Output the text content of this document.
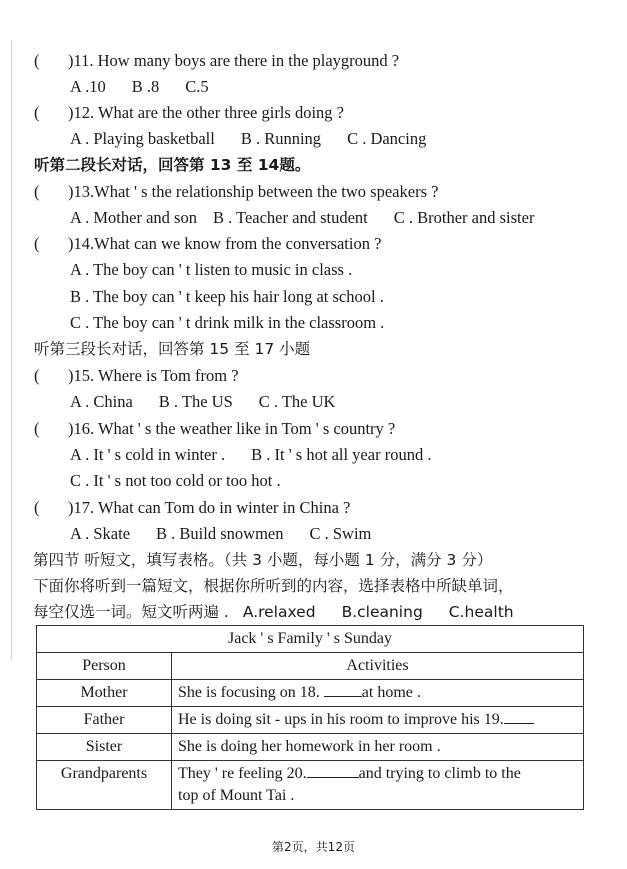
( )11. How many boys are there in the playground ?
A .10 B .8 C.5
( )12. What are the other three girls doing ?
A . Playing basketball B . Running C . Dancing
听第二段长对话，回答第 13 至 14题。
( )13.What ' s the relationship between the two speakers ?
A . Mother and son B . Teacher and student C . Brother and sister
( )14.What can we know from the conversation ?
A . The boy can ' t listen to music in class .
B . The boy can ' t keep his hair long at school .
C . The boy can ' t drink milk in the classroom .
听第三段长对话，回答第 15 至 17 小题
( )15. Where is Tom from ?
A . China B . The US C . The UK
( )16. What ' s the weather like in Tom ' s country ?
A . It ' s cold in winter . B . It ' s hot all year round .
C . It ' s not too cold or too hot .
( )17. What can Tom do in winter in China ?
A . Skate B . Build snowmen C . Swim
第四节 听短文，填写表格。（共 3 小题，每小题 1 分，满分 3 分）
下面你将听到一篇短文，根据你所听到的内容，选择表格中所缺单词，
每空仅选一词。短文听两遍 . A.relaxed B.cleaning C.health
Jack ' s Family ' s Sunday	
Person	Activities
Mother	She is focusing on 18. at home .
Father	He is doing sit - ups in his room to improve his 19.
Sister	She is doing her homework in her room .
Grandparents	They ' re feeling 20. and trying to climb to the
top of Mount Tai .
第2页，共12页
